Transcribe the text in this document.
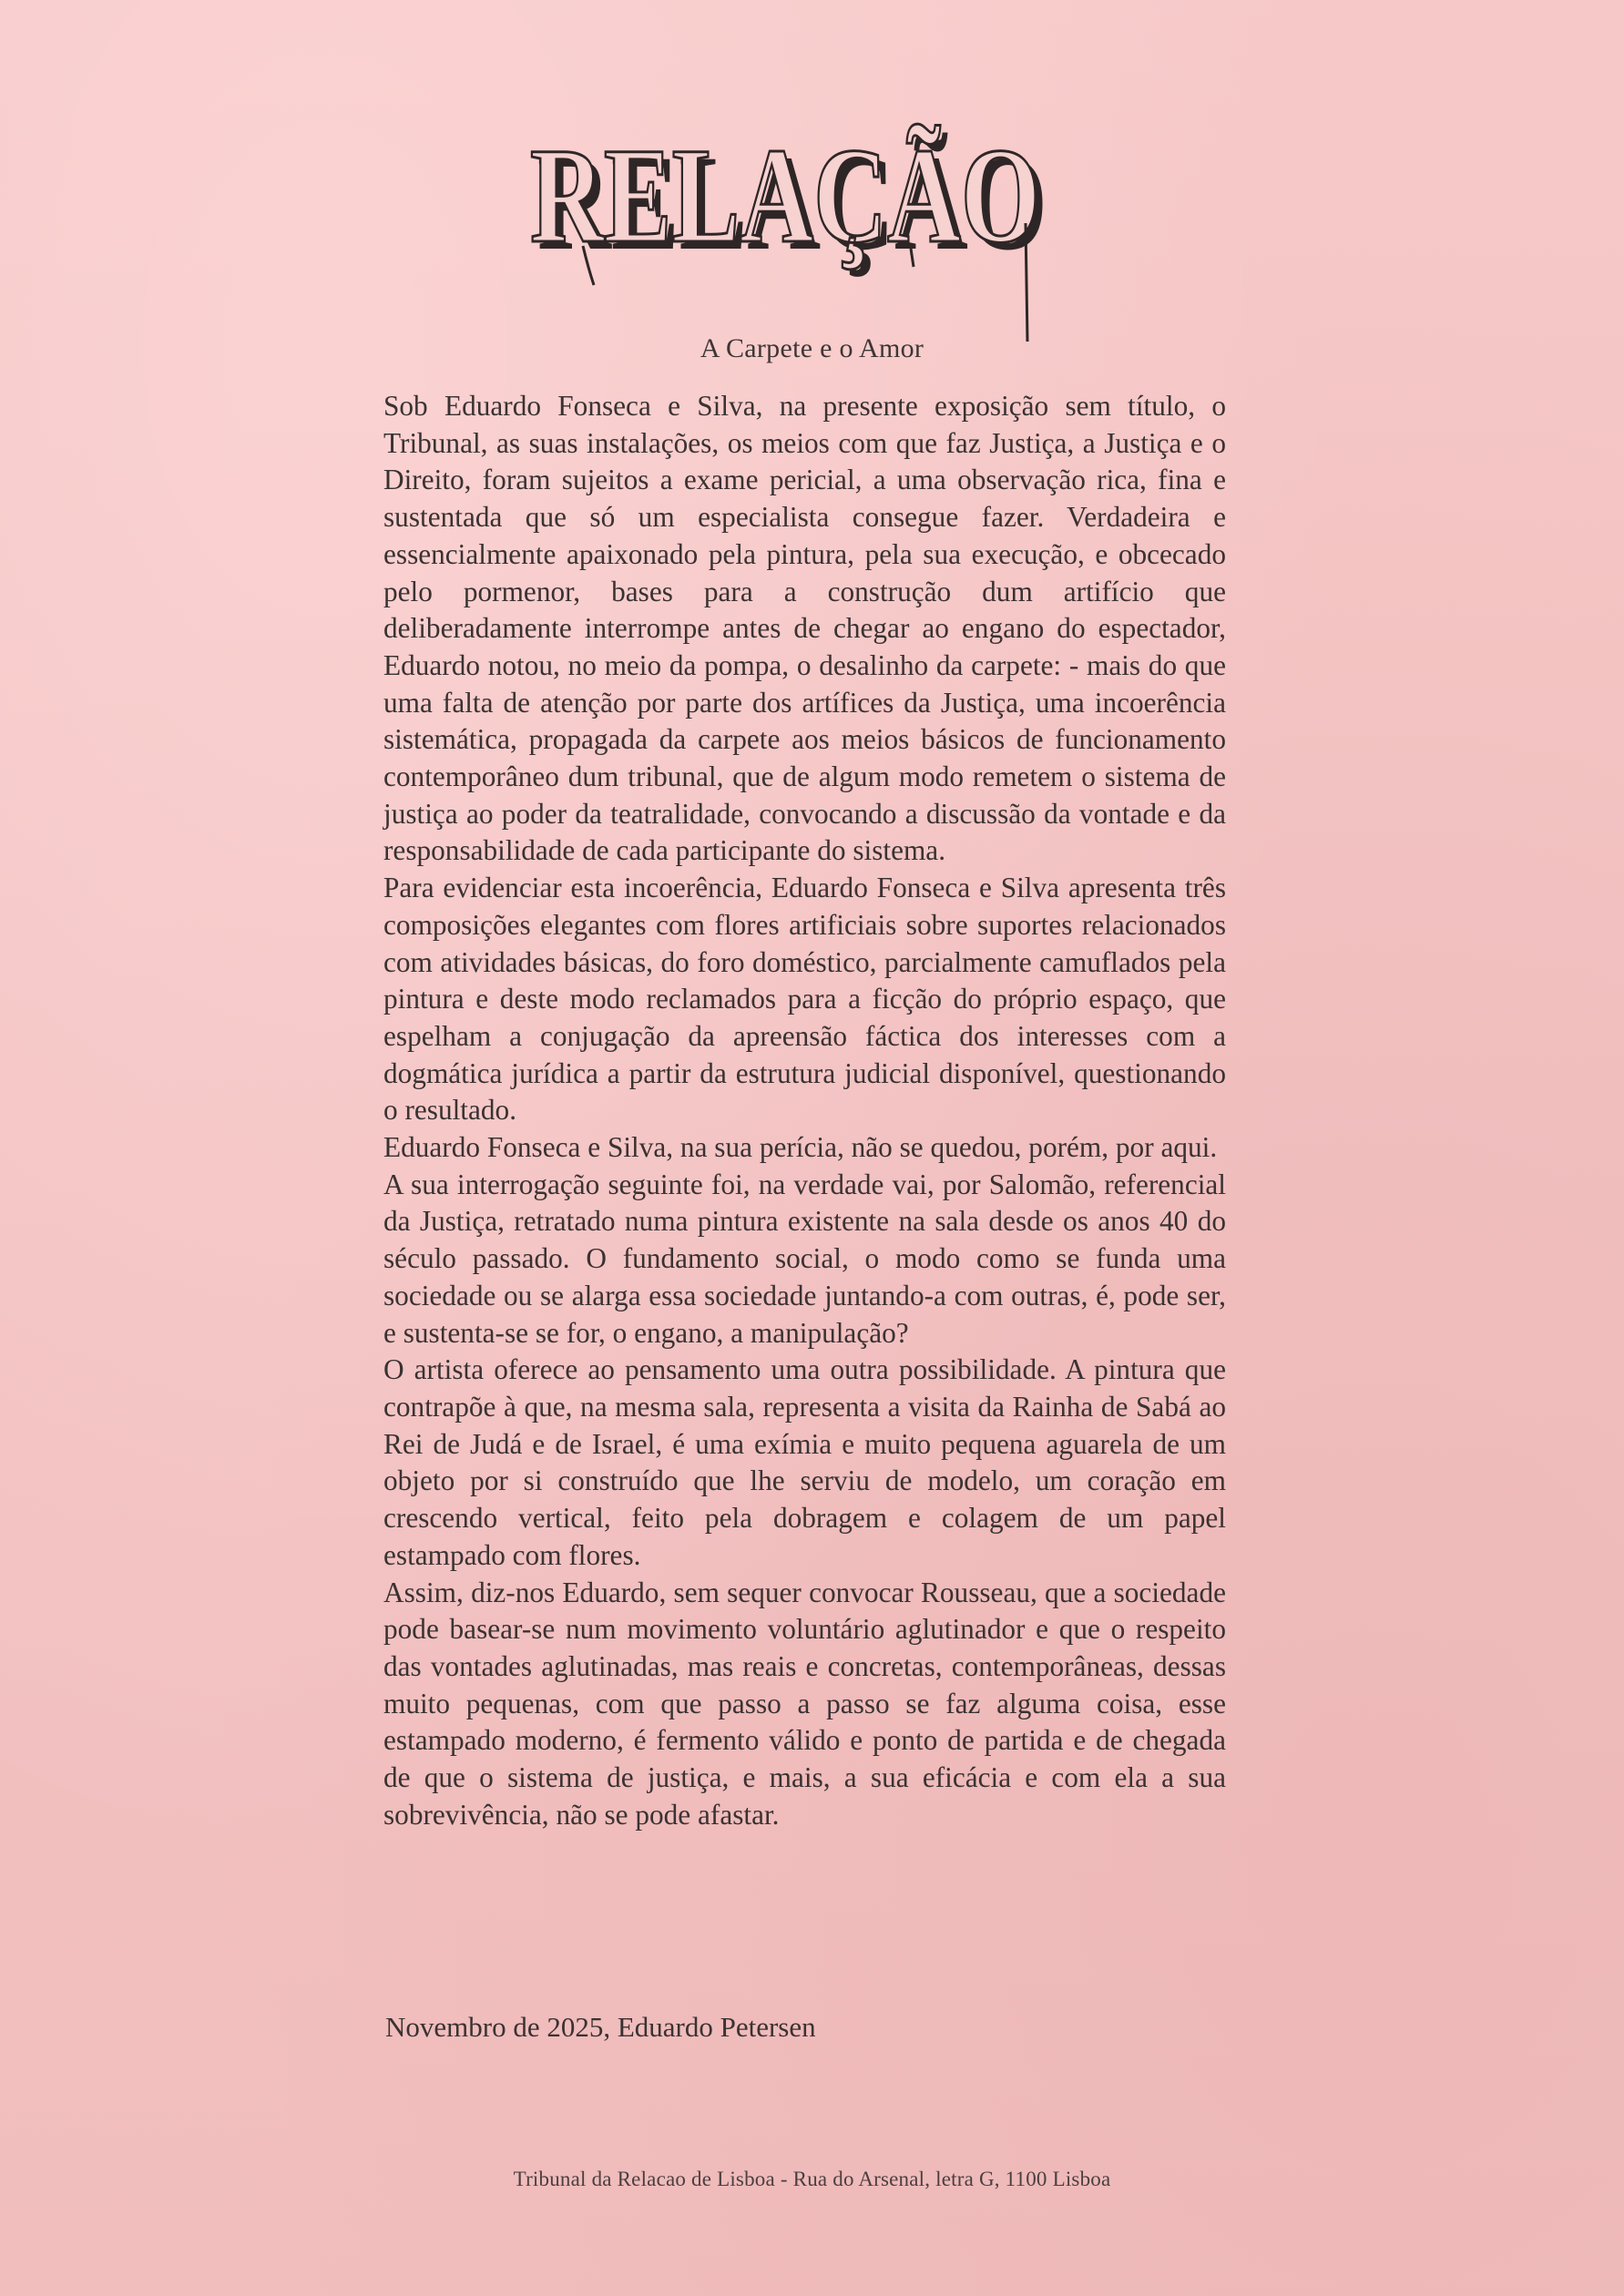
RELAÇÃO
RELAÇÃO
A Carpete e o Amor

Sob Eduardo Fonseca e Silva, na presente exposição sem título, o Tribunal, as suas instalações, os meios com que faz Justiça, a Justiça e o Direito, foram sujeitos a exame pericial, a uma observação rica, fina e sustentada que só um especialista consegue fazer. Verdadeira e essencialmente apaixonado pela pintura, pela sua execução, e obcecado pelo pormenor, bases para a construção dum artifício que deliberadamente interrompe antes de chegar ao engano do espectador, Eduardo notou, no meio da pompa, o desalinho da carpete: - mais do que uma falta de atenção por parte dos artífices da Justiça, uma incoerência sistemática, propagada da carpete aos meios básicos de funcionamento contemporâneo dum tribunal, que de algum modo remetem o sistema de justiça ao poder da teatralidade, convocando a discussão da vontade e da responsabilidade de cada participante do sistema.

Para evidenciar esta incoerência, Eduardo Fonseca e Silva apresenta três composições elegantes com flores artificiais sobre suportes relacionados com atividades básicas, do foro doméstico, parcialmente camuflados pela pintura e deste modo reclamados para a ficção do próprio espaço, que espelham a conjugação da apreensão fáctica dos interesses com a dogmática jurídica a partir da estrutura judicial disponível, questionando o resultado.

Eduardo Fonseca e Silva, na sua perícia, não se quedou, porém, por aqui.

A sua interrogação seguinte foi, na verdade vai, por Salomão, referencial da Justiça, retratado numa pintura existente na sala desde os anos 40 do século passado. O fundamento social, o modo como se funda uma sociedade ou se alarga essa sociedade juntando-a com outras, é, pode ser, e sustenta-se se for, o engano, a manipulação?

O artista oferece ao pensamento uma outra possibilidade. A pintura que contrapõe à que, na mesma sala, representa a visita da Rainha de Sabá ao Rei de Judá e de Israel, é uma exímia e muito pequena aguarela de um objeto por si construído que lhe serviu de modelo, um coração em crescendo vertical, feito pela dobragem e colagem de um papel estampado com flores.

Assim, diz-nos Eduardo, sem sequer convocar Rousseau, que a sociedade pode basear-se num movimento voluntário aglutinador e que o respeito das vontades aglutinadas, mas reais e concretas, contemporâneas, dessas muito pequenas, com que passo a passo se faz alguma coisa, esse estampado moderno, é fermento válido e ponto de partida e de chegada de que o sistema de justiça, e mais, a sua eficácia e com ela a sua sobrevivência, não se pode afastar.

Novembro de 2025, Eduardo Petersen
Tribunal da Relacao de Lisboa - Rua do Arsenal, letra G, 1100 Lisboa
